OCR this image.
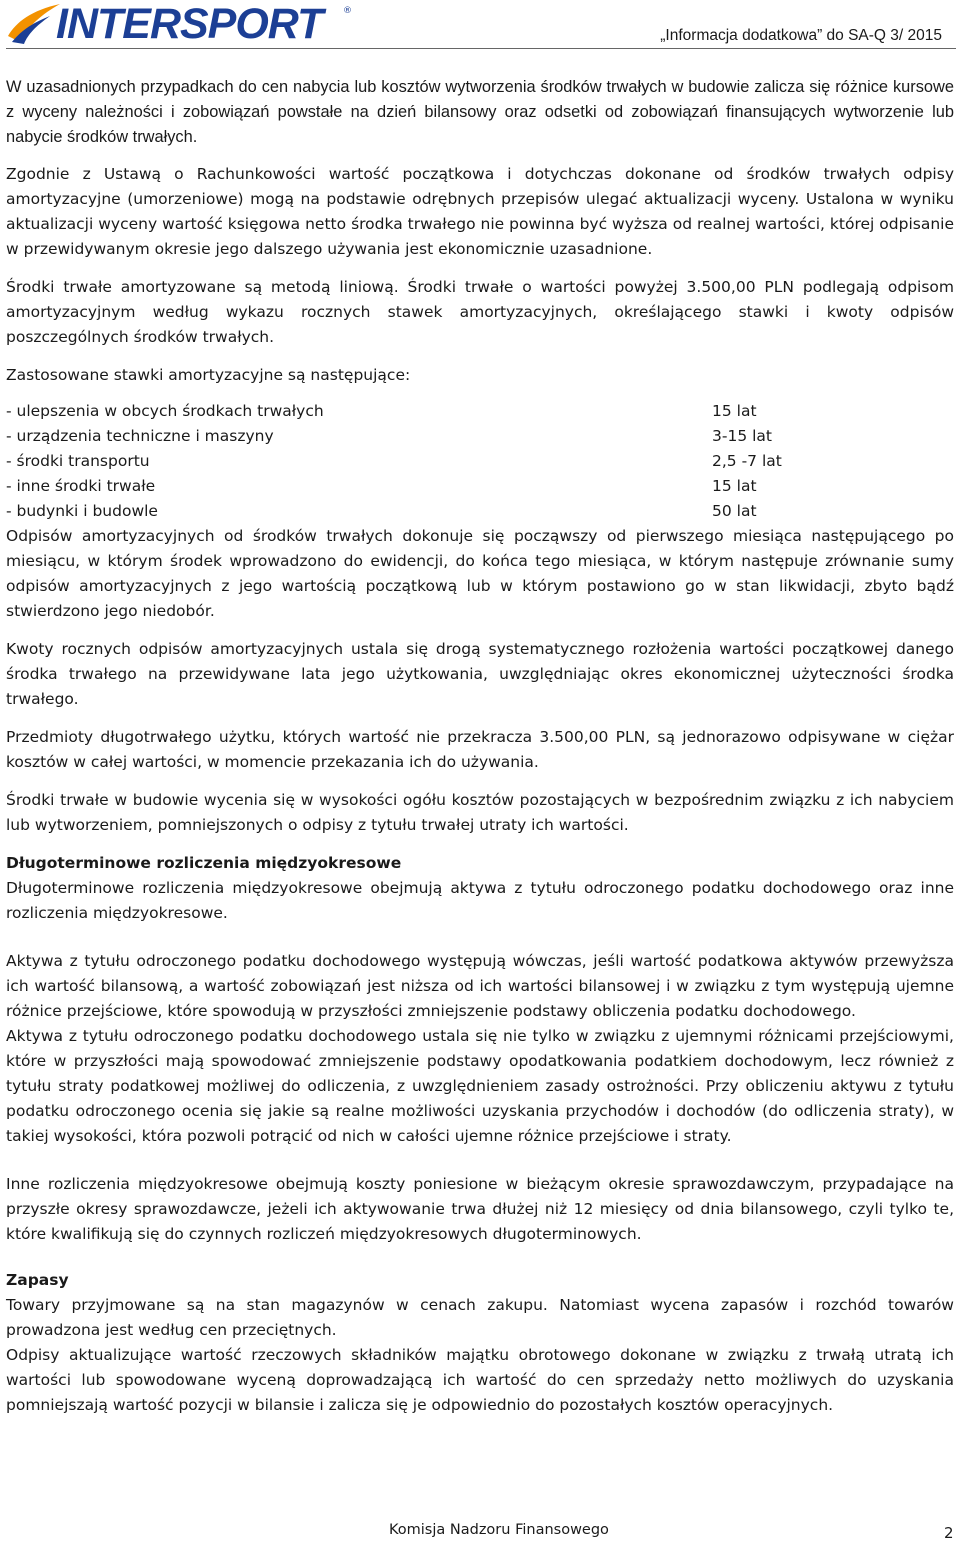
INTERSPORT ®
„Informacja dodatkowa” do SA-Q 3/ 2015

W uzasadnionych przypadkach do cen nabycia lub kosztów wytworzenia środków trwałych w budowie zalicza się różnice kursowe z wyceny należności i zobowiązań powstałe na dzień bilansowy oraz odsetki od zobowiązań finansujących wytworzenie lub nabycie środków trwałych.

Zgodnie z Ustawą o Rachunkowości wartość początkowa i dotychczas dokonane od środków trwałych odpisy amortyzacyjne (umorzeniowe) mogą na podstawie odrębnych przepisów ulegać aktualizacji wyceny. Ustalona w wyniku aktualizacji wyceny wartość księgowa netto środka trwałego nie powinna być wyższa od realnej wartości, której odpisanie w przewidywanym okresie jego dalszego używania jest ekonomicznie uzasadnione.

Środki trwałe amortyzowane są metodą liniową. Środki trwałe o wartości powyżej 3.500,00 PLN podlegają odpisom amortyzacyjnym według wykazu rocznych stawek amortyzacyjnych, określającego stawki i kwoty odpisów poszczególnych środków trwałych.

Zastosowane stawki amortyzacyjne są następujące:

- ulepszenia w obcych środkach trwałych	15 lat
- urządzenia techniczne i maszyny	3-15 lat
- środki transportu	2,5 -7 lat
- inne środki trwałe	15 lat
- budynki i budowle	50 lat

Odpisów amortyzacyjnych od środków trwałych dokonuje się począwszy od pierwszego miesiąca następującego po miesiącu, w którym środek wprowadzono do ewidencji, do końca tego miesiąca, w którym następuje zrównanie sumy odpisów amortyzacyjnych z jego wartością początkową lub w którym postawiono go w stan likwidacji, zbyto bądź stwierdzono jego niedobór.

Kwoty rocznych odpisów amortyzacyjnych ustala się drogą systematycznego rozłożenia wartości początkowej danego środka trwałego na przewidywane lata jego użytkowania, uwzględniając okres ekonomicznej użyteczności środka trwałego.

Przedmioty długotrwałego użytku, których wartość nie przekracza 3.500,00 PLN, są jednorazowo odpisywane w ciężar kosztów w całej wartości, w momencie przekazania ich do używania.

Środki trwałe w budowie wycenia się w wysokości ogółu kosztów pozostających w bezpośrednim związku z ich nabyciem lub wytworzeniem, pomniejszonych o odpisy z tytułu trwałej utraty ich wartości.

Długoterminowe rozliczenia międzyokresowe

Długoterminowe rozliczenia międzyokresowe obejmują aktywa z tytułu odroczonego podatku dochodowego oraz inne rozliczenia międzyokresowe.

Aktywa z tytułu odroczonego podatku dochodowego występują wówczas, jeśli wartość podatkowa aktywów przewyższa ich wartość bilansową, a wartość zobowiązań jest niższa od ich wartości bilansowej i w związku z tym występują ujemne różnice przejściowe, które spowodują w przyszłości zmniejszenie podstawy obliczenia podatku dochodowego.

Aktywa z tytułu odroczonego podatku dochodowego ustala się nie tylko w związku z ujemnymi różnicami przejściowymi, które w przyszłości mają spowodować zmniejszenie podstawy opodatkowania podatkiem dochodowym, lecz również z tytułu straty podatkowej możliwej do odliczenia, z uwzględnieniem zasady ostrożności. Przy obliczeniu aktywu z tytułu podatku odroczonego ocenia się jakie są realne możliwości uzyskania przychodów i dochodów (do odliczenia straty), w takiej wysokości, która pozwoli potrącić od nich w całości ujemne różnice przejściowe i straty.

Inne rozliczenia międzyokresowe obejmują koszty poniesione w bieżącym okresie sprawozdawczym, przypadające na przyszłe okresy sprawozdawcze, jeżeli ich aktywowanie trwa dłużej niż 12 miesięcy od dnia bilansowego, czyli tylko te, które kwalifikują się do czynnych rozliczeń międzyokresowych długoterminowych.

Zapasy

Towary przyjmowane są na stan magazynów w cenach zakupu. Natomiast wycena zapasów i rozchód towarów prowadzona jest według cen przeciętnych.

Odpisy aktualizujące wartość rzeczowych składników majątku obrotowego dokonane w związku z trwałą utratą ich wartości lub spowodowane wyceną doprowadzającą ich wartość do cen sprzedaży netto możliwych do uzyskania pomniejszają wartość pozycji w bilansie i zalicza się je odpowiednio do pozostałych kosztów operacyjnych.

Komisja Nadzoru Finansowego	2
